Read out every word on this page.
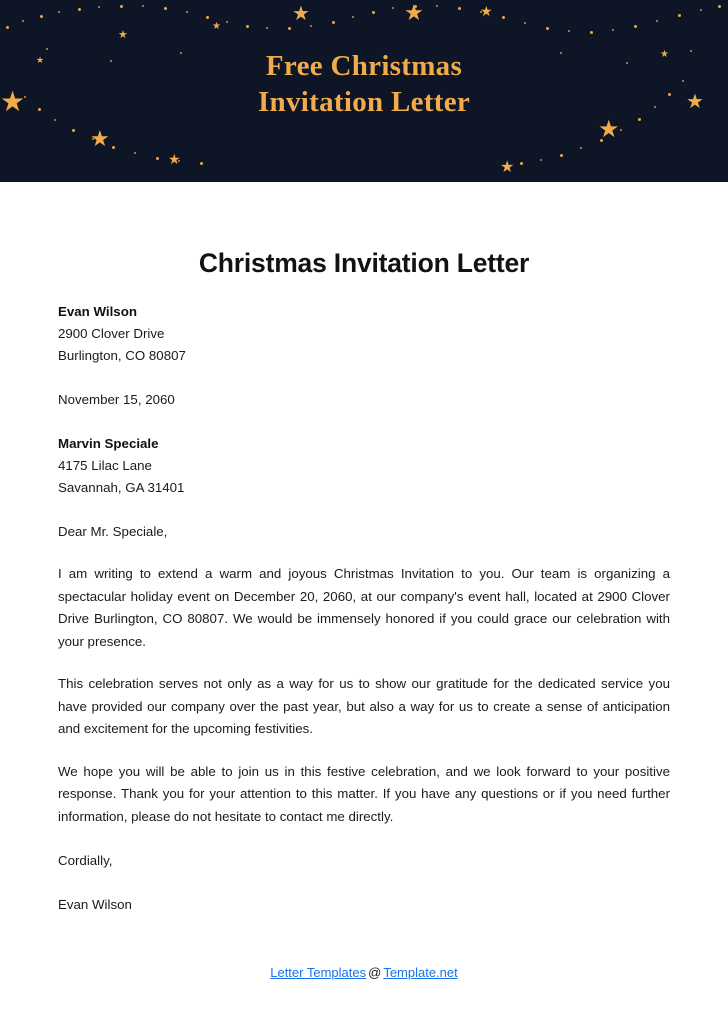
★	★	★
★
★
★
★
★	★
★
★
★
★	Free Christmas
Invitation Letter
Christmas Invitation Letter
Evan Wilson
2900 Clover Drive
Burlington, CO 80807
November 15, 2060
Marvin Speciale
4175 Lilac Lane
Savannah, GA 31401
Dear Mr. Speciale,
I am writing to extend a warm and joyous Christmas Invitation to you. Our team is organizing a spectacular holiday event on December 20, 2060, at our company's event hall, located at 2900 Clover Drive Burlington, CO 80807. We would be immensely honored if you could grace our celebration with your presence.
This celebration serves not only as a way for us to show our gratitude for the dedicated service you have provided our company over the past year, but also a way for us to create a sense of anticipation and excitement for the upcoming festivities.
We hope you will be able to join us in this festive celebration, and we look forward to your positive response. Thank you for your attention to this matter. If you have any questions or if you need further information, please do not hesitate to contact me directly.
Cordially,
Evan Wilson
Letter Templates @ Template.net
